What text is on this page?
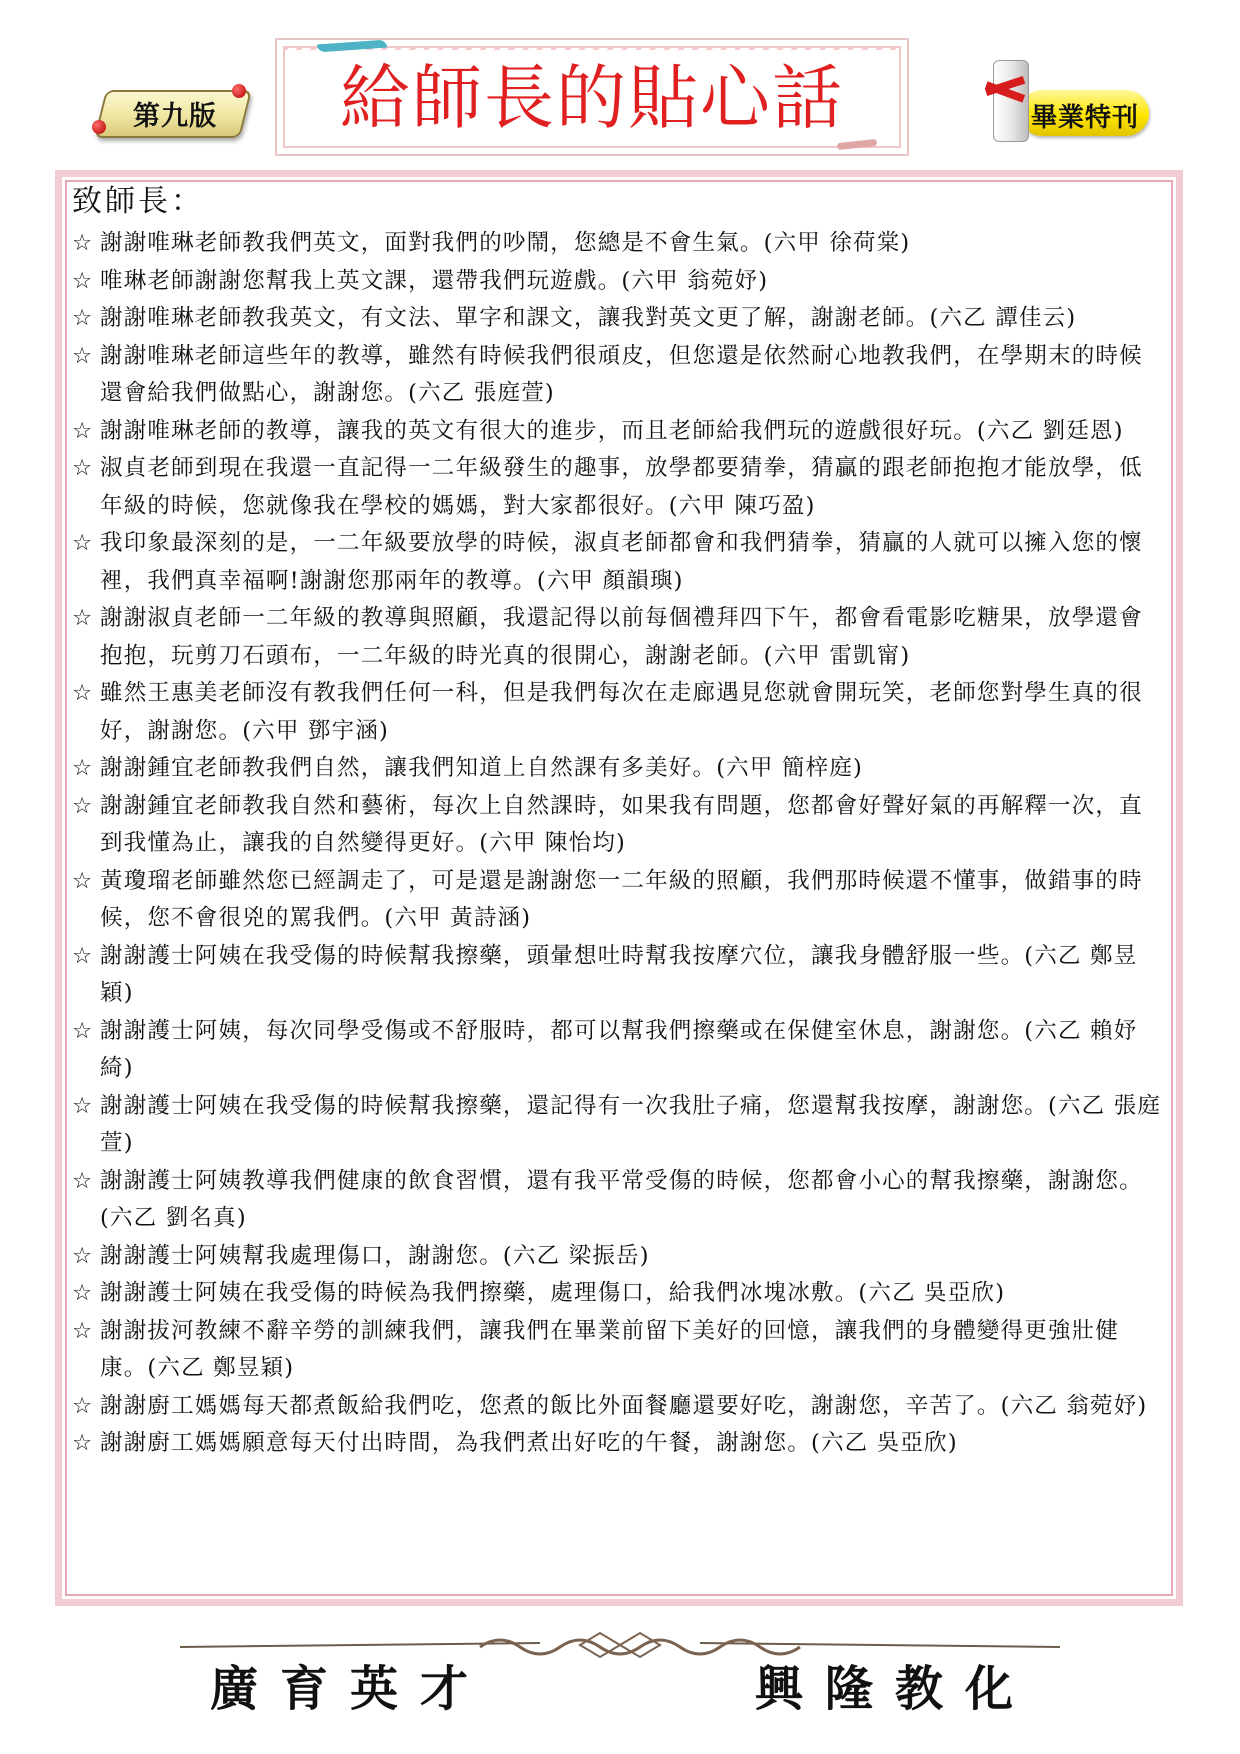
第九版	給師長的貼心話	畢業特刊
致師長：
☆ 謝謝唯琳老師教我們英文，面對我們的吵鬧，您總是不會生氣。(六甲 徐荷棠)
☆ 唯琳老師謝謝您幫我上英文課，還帶我們玩遊戲。(六甲 翁菀妤)
☆ 謝謝唯琳老師教我英文，有文法、單字和課文，讓我對英文更了解，謝謝老師。(六乙 譚佳云)
☆ 謝謝唯琳老師這些年的教導，雖然有時候我們很頑皮，但您還是依然耐心地教我們，在學期末的時候還會給我們做點心，謝謝您。(六乙 張庭萱)
☆ 謝謝唯琳老師的教導，讓我的英文有很大的進步，而且老師給我們玩的遊戲很好玩。(六乙 劉廷恩)
☆ 淑貞老師到現在我還一直記得一二年級發生的趣事，放學都要猜拳，猜贏的跟老師抱抱才能放學，低年級的時候，您就像我在學校的媽媽，對大家都很好。(六甲 陳巧盈)
☆ 我印象最深刻的是，一二年級要放學的時候，淑貞老師都會和我們猜拳，猜贏的人就可以擁入您的懷裡，我們真幸福啊!謝謝您那兩年的教導。(六甲 顏韻璵)
☆ 謝謝淑貞老師一二年級的教導與照顧，我還記得以前每個禮拜四下午，都會看電影吃糖果，放學還會抱抱，玩剪刀石頭布，一二年級的時光真的很開心，謝謝老師。(六甲 雷凱甯)
☆ 雖然王惠美老師沒有教我們任何一科，但是我們每次在走廊遇見您就會開玩笑，老師您對學生真的很好，謝謝您。(六甲 鄧宇涵)
☆ 謝謝鍾宜老師教我們自然，讓我們知道上自然課有多美好。(六甲 簡梓庭)
☆ 謝謝鍾宜老師教我自然和藝術，每次上自然課時，如果我有問題，您都會好聲好氣的再解釋一次，直到我懂為止，讓我的自然變得更好。(六甲 陳怡均)
☆ 黃瓊瑠老師雖然您已經調走了，可是還是謝謝您一二年級的照顧，我們那時候還不懂事，做錯事的時候，您不會很兇的罵我們。(六甲 黃詩涵)
☆ 謝謝護士阿姨在我受傷的時候幫我擦藥，頭暈想吐時幫我按摩穴位，讓我身體舒服一些。(六乙 鄭昱穎)
☆ 謝謝護士阿姨，每次同學受傷或不舒服時，都可以幫我們擦藥或在保健室休息，謝謝您。(六乙 賴妤綺)
☆ 謝謝護士阿姨在我受傷的時候幫我擦藥，還記得有一次我肚子痛，您還幫我按摩，謝謝您。(六乙 張庭萱)
☆ 謝謝護士阿姨教導我們健康的飲食習慣，還有我平常受傷的時候，您都會小心的幫我擦藥，謝謝您。(六乙 劉名真)
☆ 謝謝護士阿姨幫我處理傷口，謝謝您。(六乙 梁振岳)
☆ 謝謝護士阿姨在我受傷的時候為我們擦藥，處理傷口，給我們冰塊冰敷。(六乙 吳亞欣)
☆ 謝謝拔河教練不辭辛勞的訓練我們，讓我們在畢業前留下美好的回憶，讓我們的身體變得更強壯健康。(六乙 鄭昱穎)
☆ 謝謝廚工媽媽每天都煮飯給我們吃，您煮的飯比外面餐廳還要好吃，謝謝您，辛苦了。(六乙 翁菀妤)
☆ 謝謝廚工媽媽願意每天付出時間，為我們煮出好吃的午餐，謝謝您。(六乙 吳亞欣)
廣育英才	興隆教化
